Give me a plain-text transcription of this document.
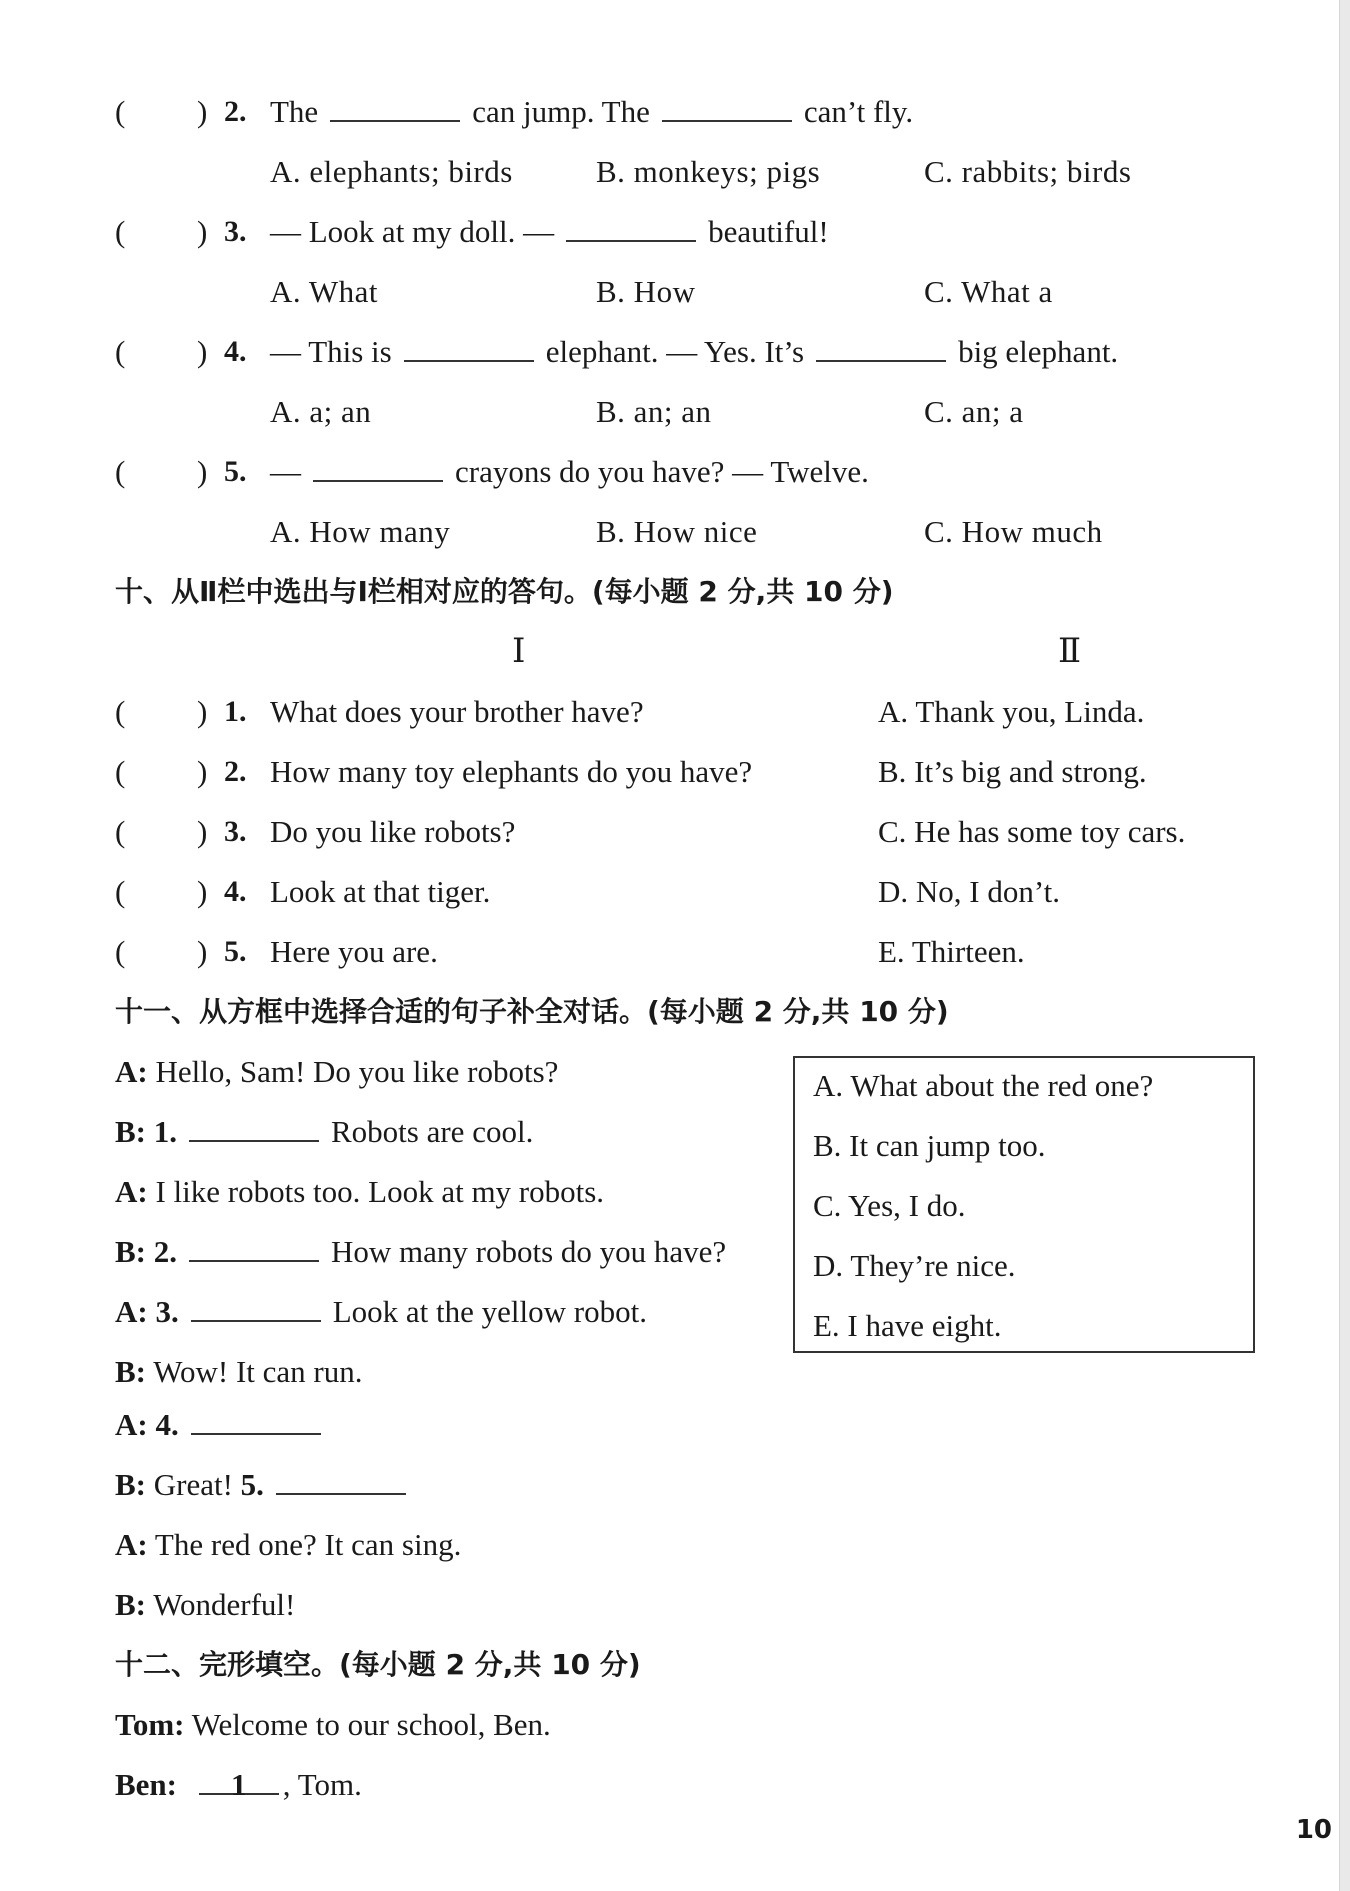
( ) 2. The	can jump. The	can’t fly.
A. elephants; birds	B. monkeys; pigs	C. rabbits; birds
( ) 3. — Look at my doll. —	beautiful!
A. What	B. How	C. What a
( ) 4. — This is	elephant. — Yes. It’s	big elephant.
A. a; an	B. an; an	C. an; a
( ) 5. —	crayons do you have? — Twelve.
A. How many	B. How nice	C. How much
十、从Ⅱ栏中选出与Ⅰ栏相对应的答句。(每小题 2 分,共 10 分)
Ⅰ	Ⅱ
( ) 1. What does your brother have?	A. Thank you, Linda.
( ) 2. How many toy elephants do you have?	B. It’s big and strong.
( ) 3. Do you like robots?	C. He has some toy cars.
( ) 4. Look at that tiger.	D. No, I don’t.
( ) 5. Here you are.	E. Thirteen.
十一、从方框中选择合适的句子补全对话。(每小题 2 分,共 10 分)
A: Hello, Sam! Do you like robots?
B: 1.	Robots are cool.
A: I like robots too. Look at my robots.
B: 2.	How many robots do you have?
A: 3.	Look at the yellow robot.
B: Wow! It can run.
A: 4.
B: Great! 5.
A: The red one? It can sing.
B: Wonderful!
A. What about the red one?
B. It can jump too.
C. Yes, I do.
D. They’re nice.
E. I have eight.
十二、完形填空。(每小题 2 分,共 10 分)
Tom: Welcome to our school, Ben.
Ben: 1 , Tom.
10
